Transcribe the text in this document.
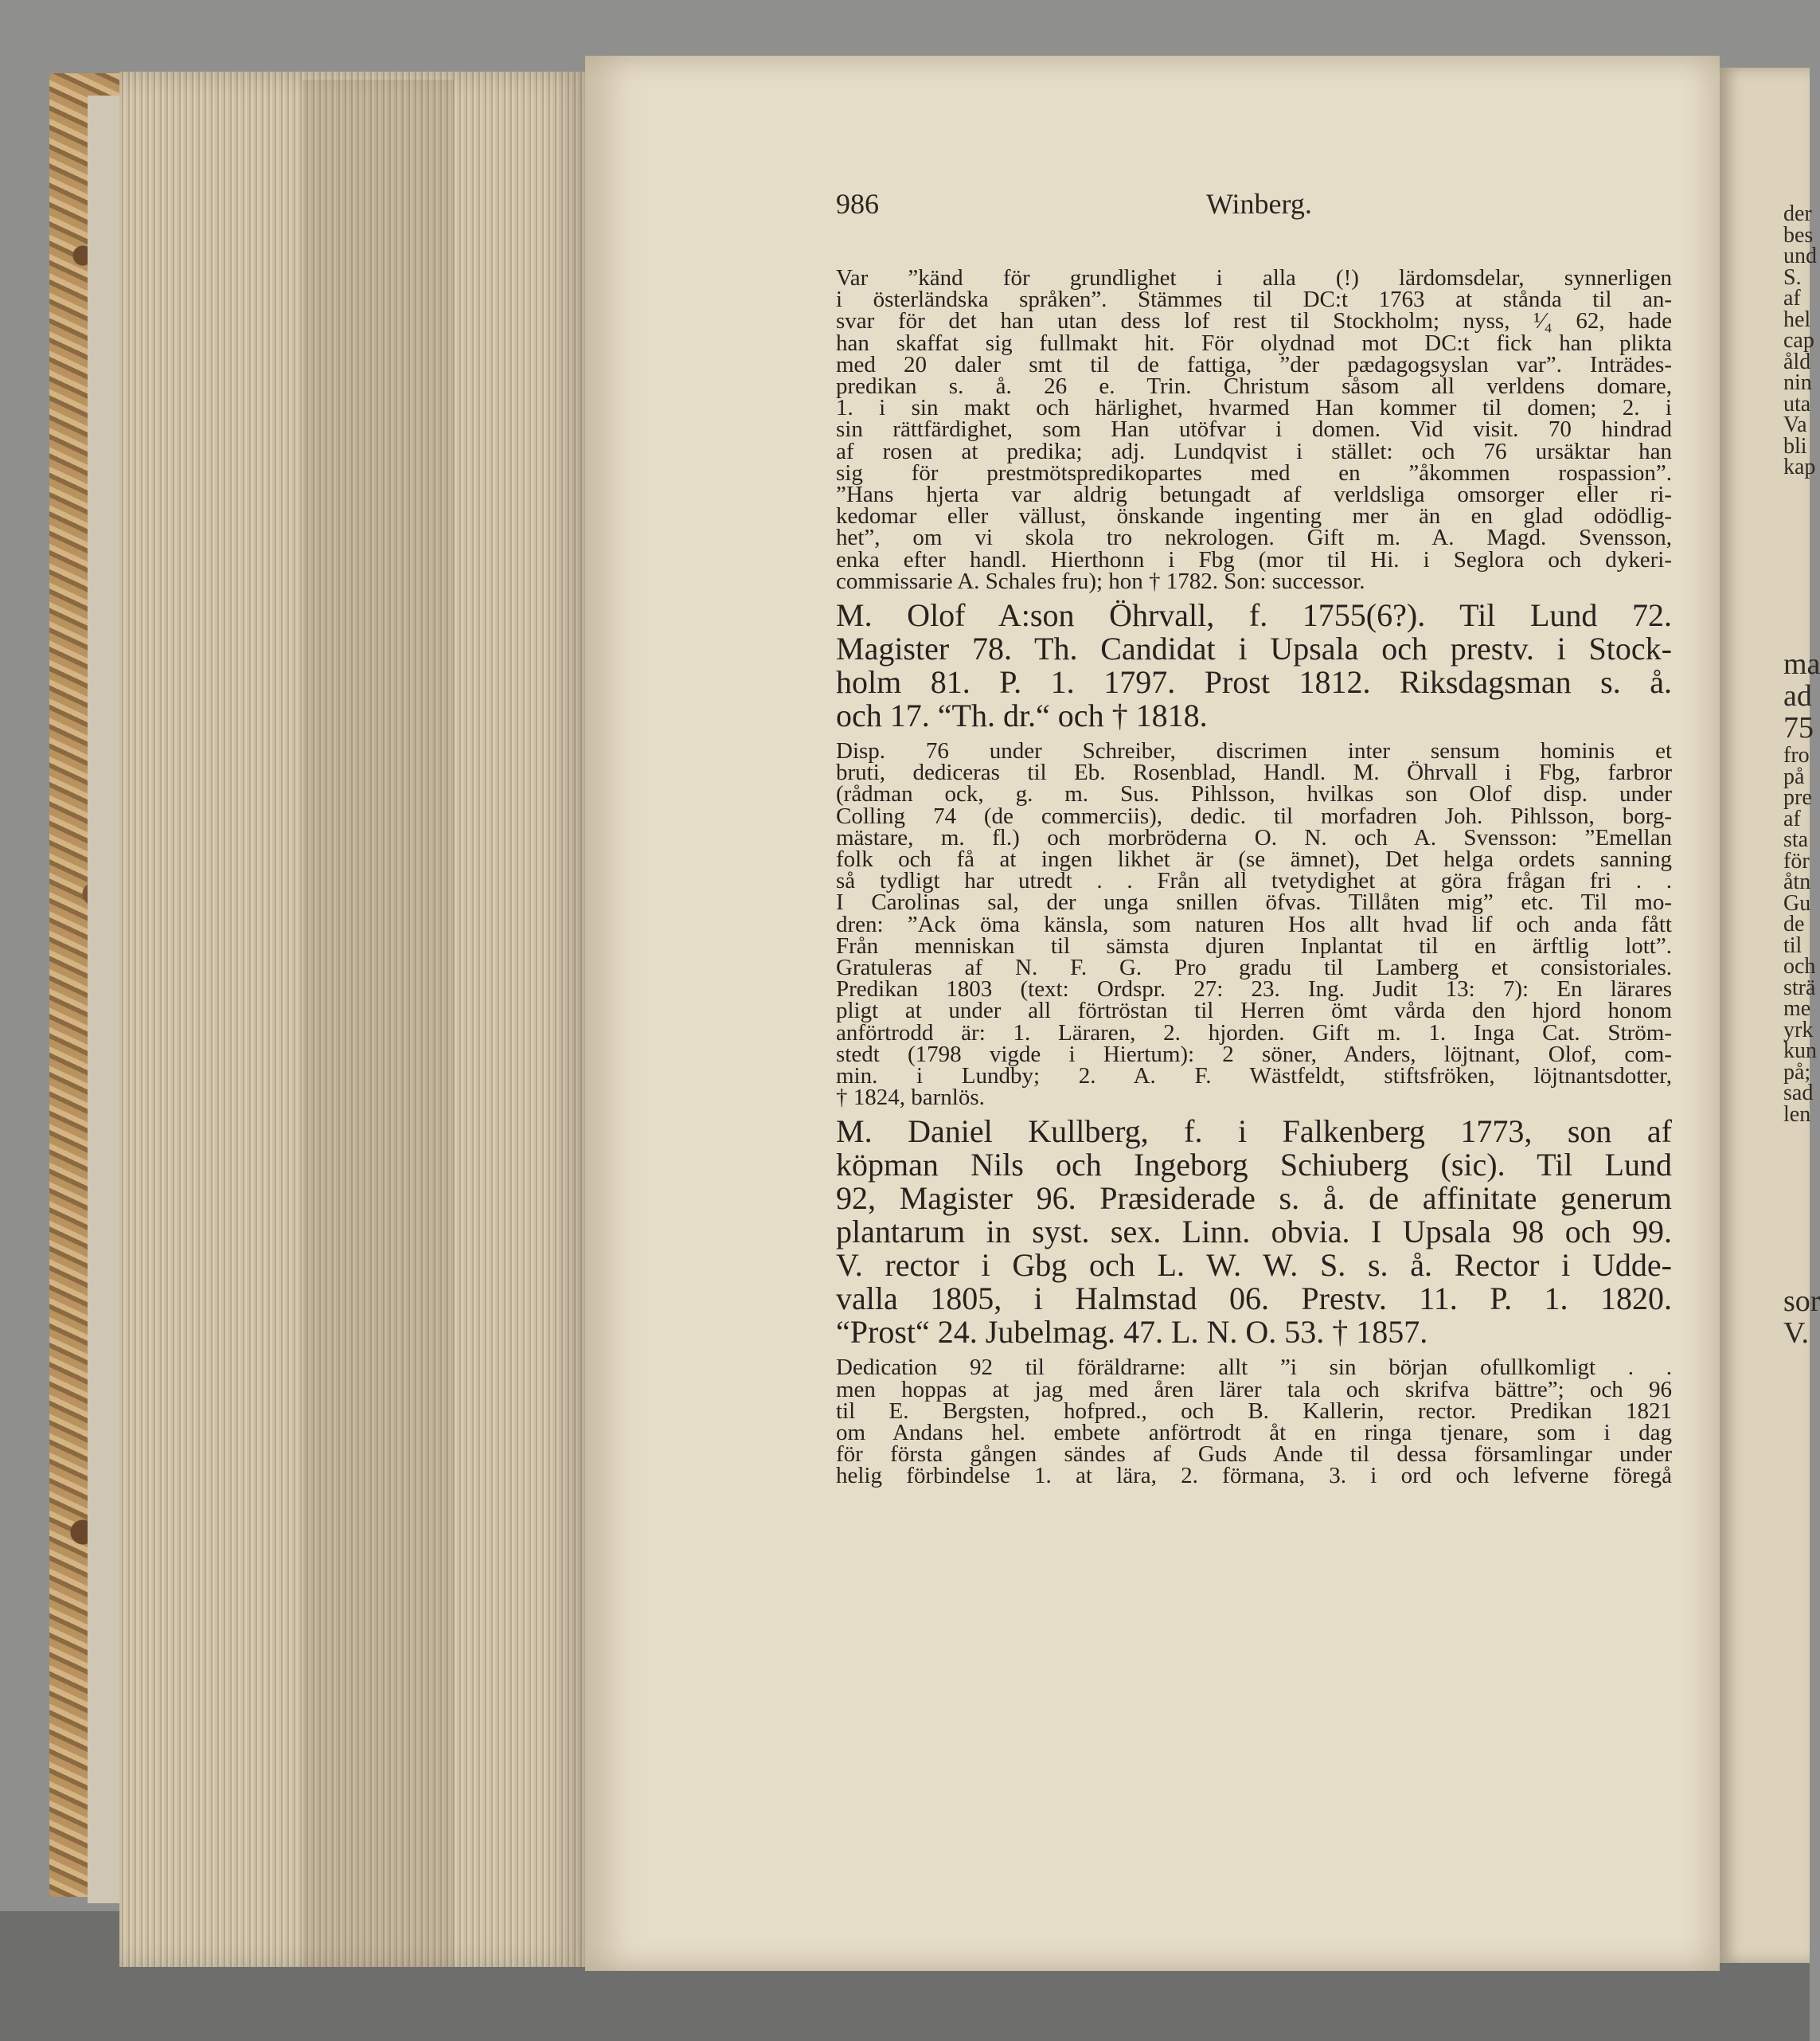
986	Winberg.
Var ”känd för grundlighet i alla (!) lärdomsdelar, synnerligen
i österländska språken”. Stämmes til DC:t 1763 at stånda til an-
svar för det han utan dess lof rest til Stockholm; nyss, ¹⁄₄ 62, hade
han skaffat sig fullmakt hit. För olydnad mot DC:t fick han plikta
med 20 daler smt til de fattiga, ”der pædagogsyslan var”. Inträdes-
predikan s. å. 26 e. Trin. Christum såsom all verldens domare,
1. i sin makt och härlighet, hvarmed Han kommer til domen; 2. i
sin rättfärdighet, som Han utöfvar i domen. Vid visit. 70 hindrad
af rosen at predika; adj. Lundqvist i stället: och 76 ursäktar han
sig för prestmötspredikopartes med en ”åkommen rospassion”.
”Hans hjerta var aldrig betungadt af verldsliga omsorger eller ri-
kedomar eller vällust, önskande ingenting mer än en glad odödlig-
het”, om vi skola tro nekrologen. Gift m. A. Magd. Svensson,
enka efter handl. Hierthonn i Fbg (mor til Hi. i Seglora och dykeri-
commissarie A. Schales fru); hon † 1782. Son: successor.
M. Olof A:son Öhrvall, f. 1755(6?). Til Lund 72.
Magister 78. Th. Candidat i Upsala och prestv. i Stock-
holm 81. P. 1. 1797. Prost 1812. Riksdagsman s. å.
och 17. “Th. dr.“ och † 1818.
Disp. 76 under Schreiber, discrimen inter sensum hominis et
bruti, dediceras til Eb. Rosenblad, Handl. M. Öhrvall i Fbg, farbror
(rådman ock, g. m. Sus. Pihlsson, hvilkas son Olof disp. under
Colling 74 (de commerciis), dedic. til morfadren Joh. Pihlsson, borg-
mästare, m. fl.) och morbröderna O. N. och A. Svensson: ”Emellan
folk och få at ingen likhet är (se ämnet), Det helga ordets sanning
så tydligt har utredt . . Från all tvetydighet at göra frågan fri . .
I Carolinas sal, der unga snillen öfvas. Tillåten mig” etc. Til mo-
dren: ”Ack öma känsla, som naturen Hos allt hvad lif och anda fått
Från menniskan til sämsta djuren Inplantat til en ärftlig lott”.
Gratuleras af N. F. G. Pro gradu til Lamberg et consistoriales.
Predikan 1803 (text: Ordspr. 27: 23. Ing. Judit 13: 7): En lärares
pligt at under all förtröstan til Herren ömt vårda den hjord honom
anförtrodd är: 1. Läraren, 2. hjorden. Gift m. 1. Inga Cat. Ström-
stedt (1798 vigde i Hiertum): 2 söner, Anders, löjtnant, Olof, com-
min. i Lundby; 2. A. F. Wästfeldt, stiftsfröken, löjtnantsdotter,
† 1824, barnlös.
M. Daniel Kullberg, f. i Falkenberg 1773, son af
köpman Nils och Ingeborg Schiuberg (sic). Til Lund
92, Magister 96. Præsiderade s. å. de affinitate generum
plantarum in syst. sex. Linn. obvia. I Upsala 98 och 99.
V. rector i Gbg och L. W. W. S. s. å. Rector i Udde-
valla 1805, i Halmstad 06. Prestv. 11. P. 1. 1820.
“Prost“ 24. Jubelmag. 47. L. N. O. 53. † 1857.
Dedication 92 til föräldrarne: allt ”i sin början ofullkomligt . .
men hoppas at jag med åren lärer tala och skrifva bättre”; och 96
til E. Bergsten, hofpred., och B. Kallerin, rector. Predikan 1821
om Andans hel. embete anförtrodt åt en ringa tjenare, som i dag
för första gången sändes af Guds Ande til dessa församlingar under
helig förbindelse 1. at lära, 2. förmana, 3. i ord och lefverne föregå
der
bes
und
S.
af
hel
cap
åld
nin
uta
Va
bli
kap
ma
ad
75
fro
på
pre
af
sta
för
åtn
Gu
de
til
och
strä
me
yrk
kun
på;
sad
len
sor
V.
